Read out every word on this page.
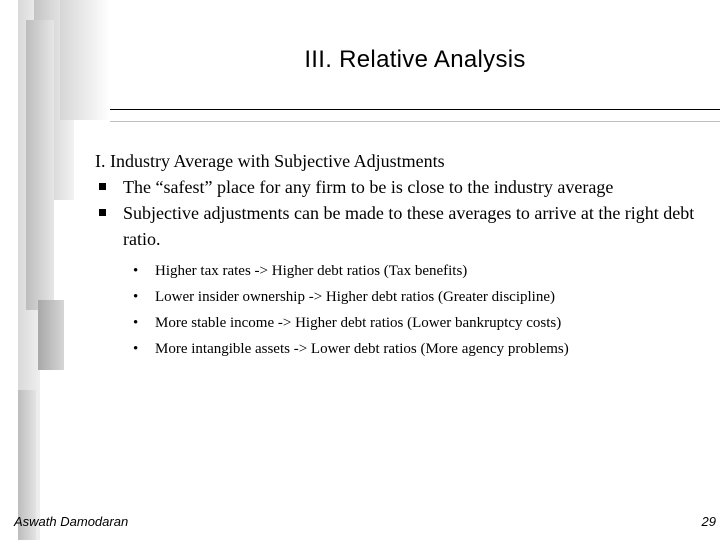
III. Relative Analysis
I. Industry Average with Subjective Adjustments
The “safest” place for any firm to be is close to the industry average
Subjective adjustments can be made to these averages to arrive at the right debt ratio.
• Higher tax rates -> Higher debt ratios (Tax benefits)
• Lower insider ownership -> Higher debt ratios (Greater discipline)
• More stable income -> Higher debt ratios (Lower bankruptcy costs)
• More intangible assets -> Lower debt ratios (More agency problems)
Aswath Damodaran	29
